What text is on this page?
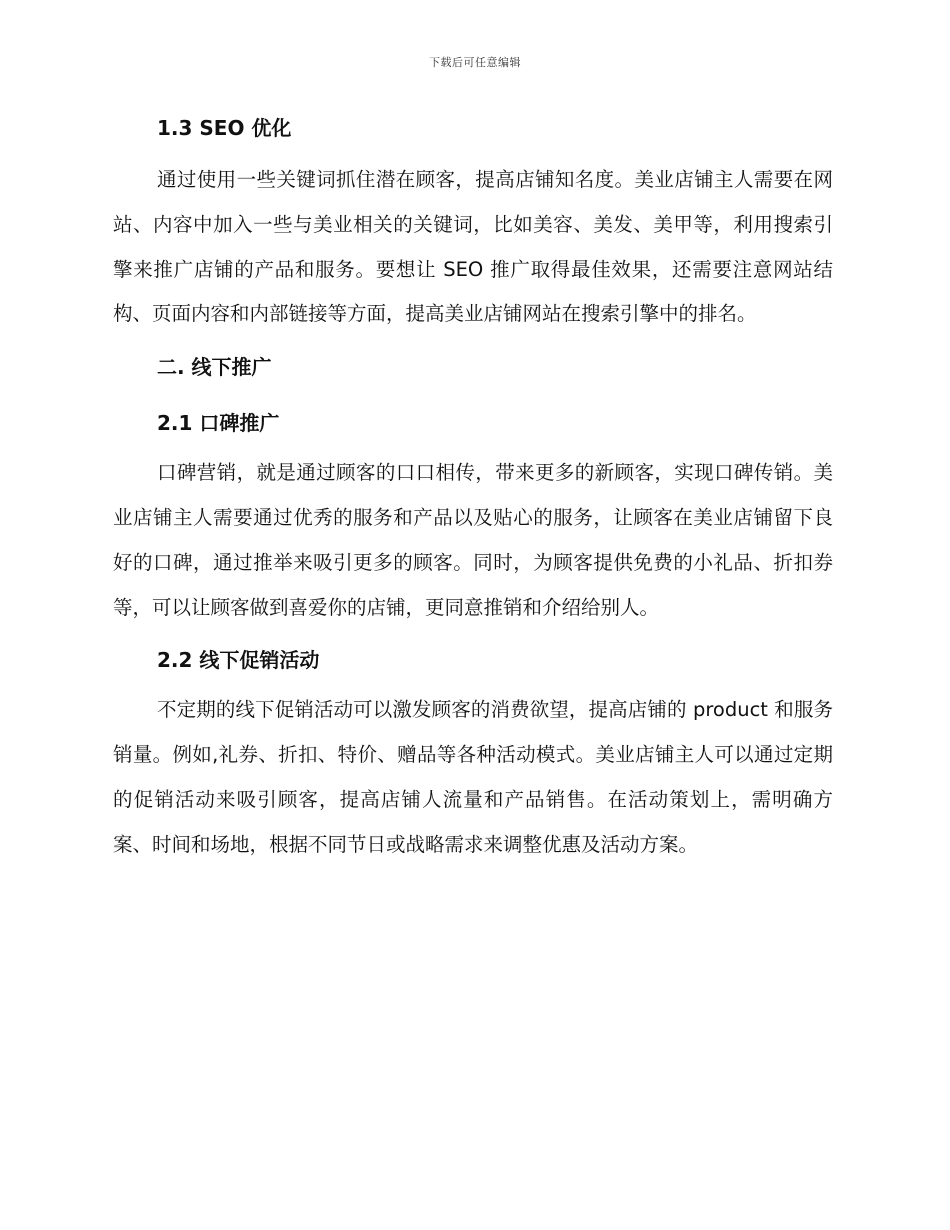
下载后可任意编辑
1.3 SEO 优化

通过使用一些关键词抓住潜在顾客，提高店铺知名度。美业店铺主人需要在网站、内容中加入一些与美业相关的关键词，比如美容、美发、美甲等，利用搜索引擎来推广店铺的产品和服务。要想让 SEO 推广取得最佳效果，还需要注意网站结构、页面内容和内部链接等方面，提高美业店铺网站在搜索引擎中的排名。

二. 线下推广
2.1 口碑推广

口碑营销，就是通过顾客的口口相传，带来更多的新顾客，实现口碑传销。美业店铺主人需要通过优秀的服务和产品以及贴心的服务，让顾客在美业店铺留下良好的口碑，通过推举来吸引更多的顾客。同时，为顾客提供免费的小礼品、折扣券等，可以让顾客做到喜爱你的店铺，更同意推销和介绍给别人。

2.2 线下促销活动

不定期的线下促销活动可以激发顾客的消费欲望，提高店铺的 product 和服务销量。例如,礼券、折扣、特价、赠品等各种活动模式。美业店铺主人可以通过定期的促销活动来吸引顾客，提高店铺人流量和产品销售。在活动策划上，需明确方案、时间和场地，根据不同节日或战略需求来调整优惠及活动方案。
